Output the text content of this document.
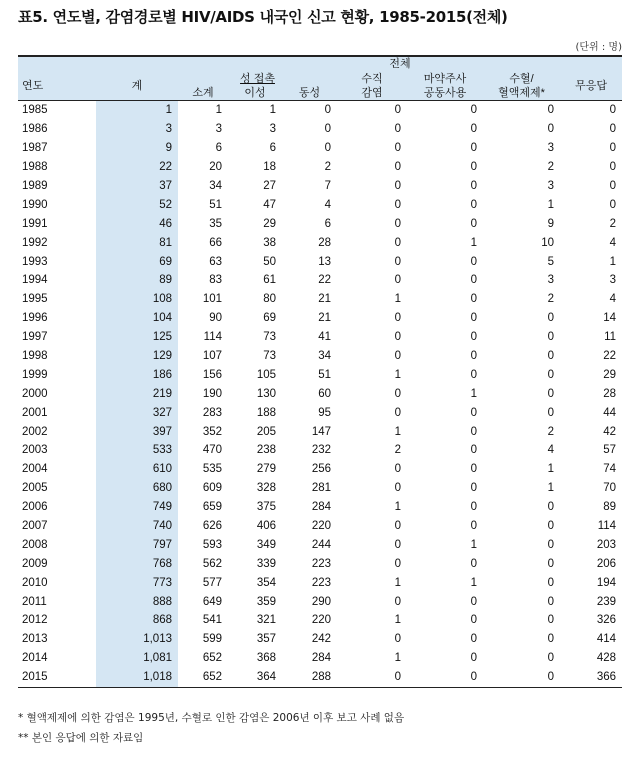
표5. 연도별, 감염경로별 HIV/AIDS 내국인 신고 현황, 1985-2015(전체)
(단위 : 명)
		전체						
연도	계	성 접촉			수직	마약주사	수혈/	무응답
		소계	이성	동성	감염	공동사용	혈액제제*	
1985	1	1	1	0	0	0	0	0
1986	3	3	3	0	0	0	0	0
1987	9	6	6	0	0	0	3	0
1988	22	20	18	2	0	0	2	0
1989	37	34	27	7	0	0	3	0
1990	52	51	47	4	0	0	1	0
1991	46	35	29	6	0	0	9	2
1992	81	66	38	28	0	1	10	4
1993	69	63	50	13	0	0	5	1
1994	89	83	61	22	0	0	3	3
1995	108	101	80	21	1	0	2	4
1996	104	90	69	21	0	0	0	14
1997	125	114	73	41	0	0	0	11
1998	129	107	73	34	0	0	0	22
1999	186	156	105	51	1	0	0	29
2000	219	190	130	60	0	1	0	28
2001	327	283	188	95	0	0	0	44
2002	397	352	205	147	1	0	2	42
2003	533	470	238	232	2	0	4	57
2004	610	535	279	256	0	0	1	74
2005	680	609	328	281	0	0	1	70
2006	749	659	375	284	1	0	0	89
2007	740	626	406	220	0	0	0	114
2008	797	593	349	244	0	1	0	203
2009	768	562	339	223	0	0	0	206
2010	773	577	354	223	1	1	0	194
2011	888	649	359	290	0	0	0	239
2012	868	541	321	220	1	0	0	326
2013	1,013	599	357	242	0	0	0	414
2014	1,081	652	368	284	1	0	0	428
2015	1,018	652	364	288	0	0	0	366
* 혈액제제에 의한 감염은 1995년, 수혈로 인한 감염은 2006년 이후 보고 사례 없음
** 본인 응답에 의한 자료임
